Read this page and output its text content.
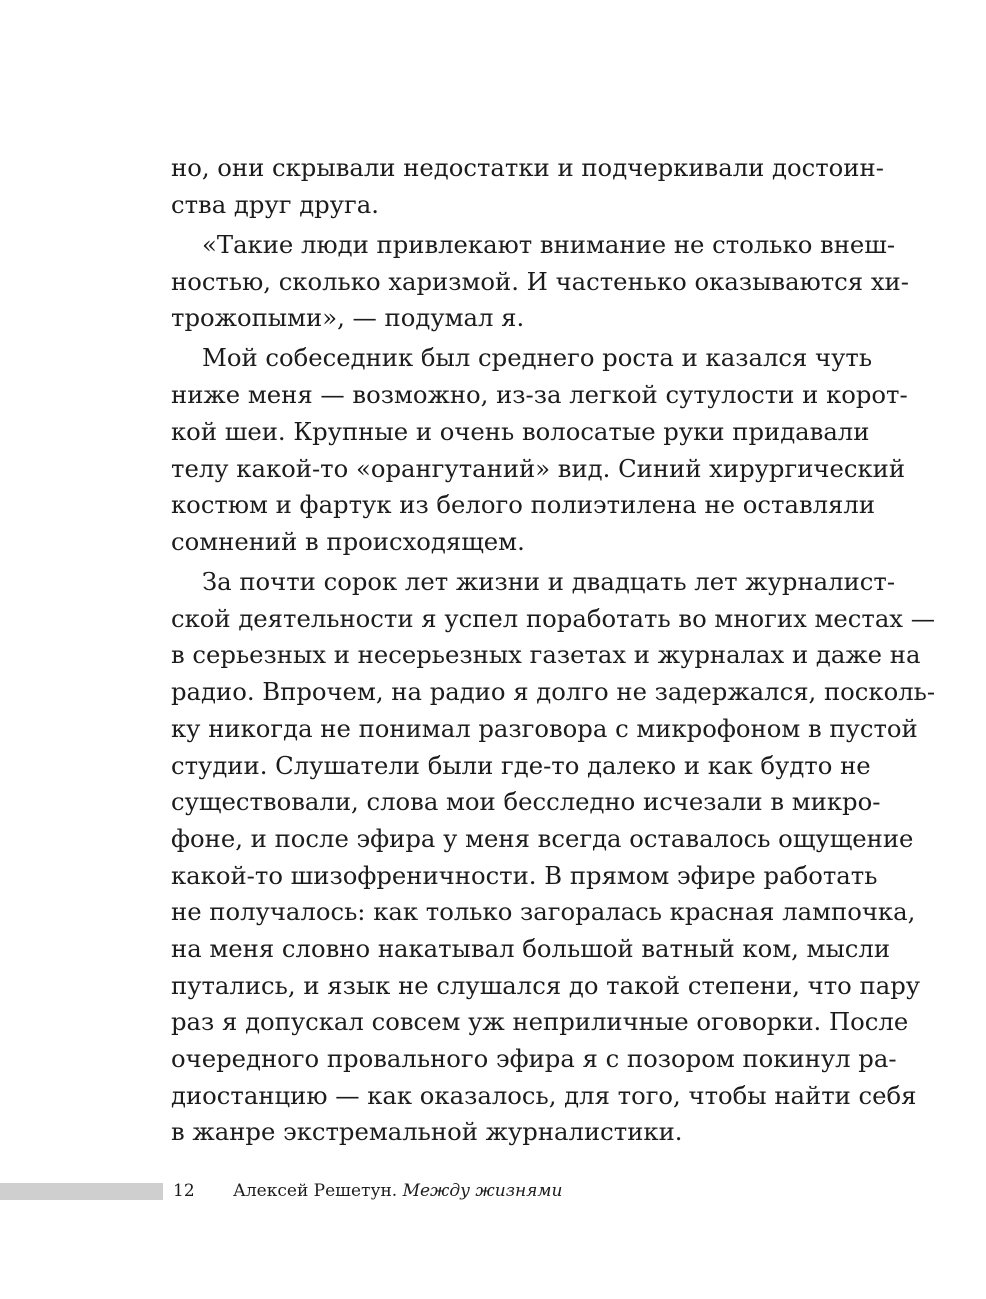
но, они скрывали недостатки и подчеркивали достоин-
ства друг друга.
«Такие люди привлекают внимание не столько внеш-
ностью, сколько харизмой. И частенько оказываются хи-
трожопыми», — подумал я.
Мой собеседник был среднего роста и казался чуть
ниже меня — возможно, из-за легкой сутулости и корот-
кой шеи. Крупные и очень волосатые руки придавали
телу какой-то «орангутаний» вид. Синий хирургический
костюм и фартук из белого полиэтилена не оставляли
сомнений в происходящем.
За почти сорок лет жизни и двадцать лет журналист-
ской деятельности я успел поработать во многих местах —
в серьезных и несерьезных газетах и журналах и даже на
радио. Впрочем, на радио я долго не задержался, посколь-
ку никогда не понимал разговора с микрофоном в пустой
студии. Слушатели были где-то далеко и как будто не
существовали, слова мои бесследно исчезали в микро-
фоне, и после эфира у меня всегда оставалось ощущение
какой-то шизофреничности. В прямом эфире работать
не получалось: как только загоралась красная лампочка,
на меня словно накатывал большой ватный ком, мысли
путались, и язык не слушался до такой степени, что пару
раз я допускал совсем уж неприличные оговорки. После
очередного провального эфира я с позором покинул ра-
диостанцию — как оказалось, для того, чтобы найти себя
в жанре экстремальной журналистики.
12 Алексей Решетун. Между жизнями
